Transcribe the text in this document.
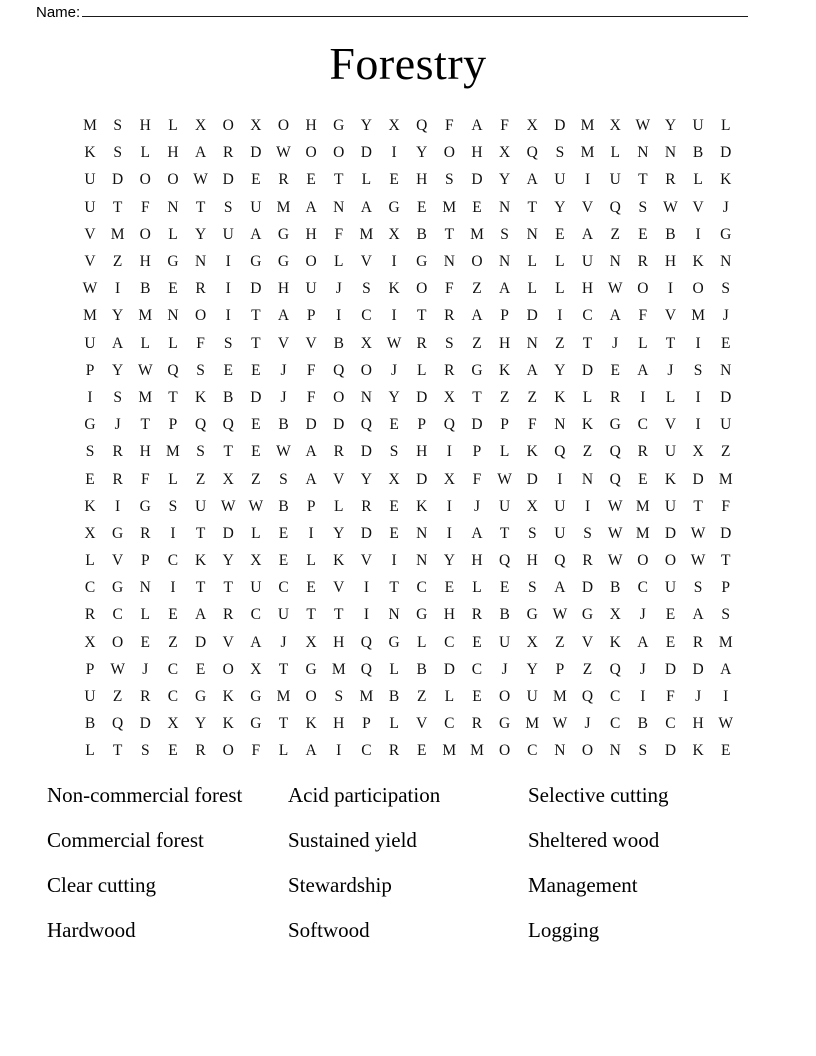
Name:
Forestry
M S H L X O X O H G Y X Q F A F X D M X W Y U L
K S L H A R D W O O D	I	Y O H X Q S M L N N B D
U D O O W D E R E T L E H S D Y A U	I	U T R L K
U T F N T S U M A N A G E M E N T Y V Q S W V	J
V M O L Y U A G H F M X B T M S N E A Z E B	I	G
V Z H G N	I	G G O L V	I	G N O N L L U N R H K N
W	I	B E R	I	D H U	J	S K O F Z A L L H W O	I	O S
M Y M N O	I	T A P	I	C	I	T R A P D	I	C A F V M	J
U A L L F S T V V B X W R S Z H N Z T	J	L T	I	E
P Y W Q S E E	J	F Q O	J	L R G K A Y D E A	J	S N
I	S M T K B D	J	F O N Y D X T Z Z K L R	I	L	I	D
G	J	T P Q Q E B D D Q E P Q D P F N K G C V	I	U
S R H M S T E W A R D S H	I	P L K Q Z Q R U X Z
E R F L Z X Z S A V Y X D X F W D	I	N Q E K D M
K	I	G S U W W B P L R E K	I	J	U X U	I	W M U T F
X G R	I	T D L E	I	Y D E N	I	A T S U S W M D W D
L V P C K Y X E L K V	I	N Y H Q H Q R W O O W T
C G N	I	T T U C E V	I	T C E L E S A D B C U S P
R C L E A R C U T T	I	N G H R B G W G X	J	E A S
X O E Z D V A	J	X H Q G L C E U X Z V K A E R M
P W	J	C E O X T G M Q L B D C	J	Y P Z Q	J	D D A
U Z R C G K G M O S M B Z L E O U M Q C	I	F	J	I
B Q D X Y K G T K H P L V C R G M W	J	C B C H W
L T S E R O F L A	I	C R E M M O C N O N S D K E
Non-commercial forest	Acid participation	Selective cutting
Commercial forest	Sustained yield	Sheltered wood
Clear cutting	Stewardship	Management
Hardwood	Softwood	Logging
